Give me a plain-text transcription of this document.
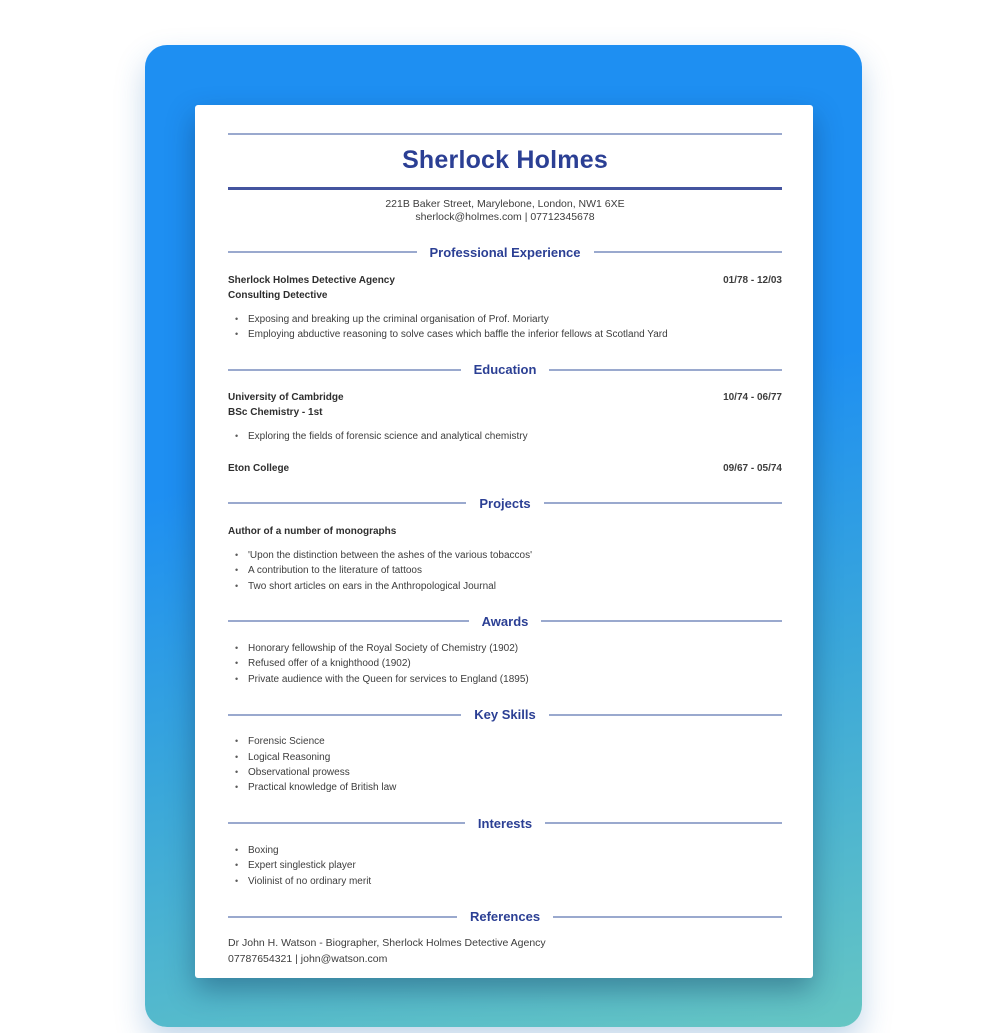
Sherlock Holmes

221B Baker Street, Marylebone, London, NW1 6XE

sherlock@holmes.com | 07712345678

Professional Experience
Sherlock Holmes Detective Agency
Consulting Detective
01/78 - 12/03
• Exposing and breaking up the criminal organisation of Prof. Moriarty
• Employing abductive reasoning to solve cases which baffle the inferior fellows at Scotland Yard
Education
University of Cambridge
BSc Chemistry - 1st
10/74 - 06/77
• Exploring the fields of forensic science and analytical chemistry
Eton College	09/67 - 05/74
Projects
Author of a number of monographs
• 'Upon the distinction between the ashes of the various tobaccos'
• A contribution to the literature of tattoos
• Two short articles on ears in the Anthropological Journal
Awards
• Honorary fellowship of the Royal Society of Chemistry (1902)
• Refused offer of a knighthood (1902)
• Private audience with the Queen for services to England (1895)
Key Skills
• Forensic Science
• Logical Reasoning
• Observational prowess
• Practical knowledge of British law
Interests
• Boxing
• Expert singlestick player
• Violinist of no ordinary merit
References

Dr John H. Watson - Biographer, Sherlock Holmes Detective Agency

07787654321 | john@watson.com
